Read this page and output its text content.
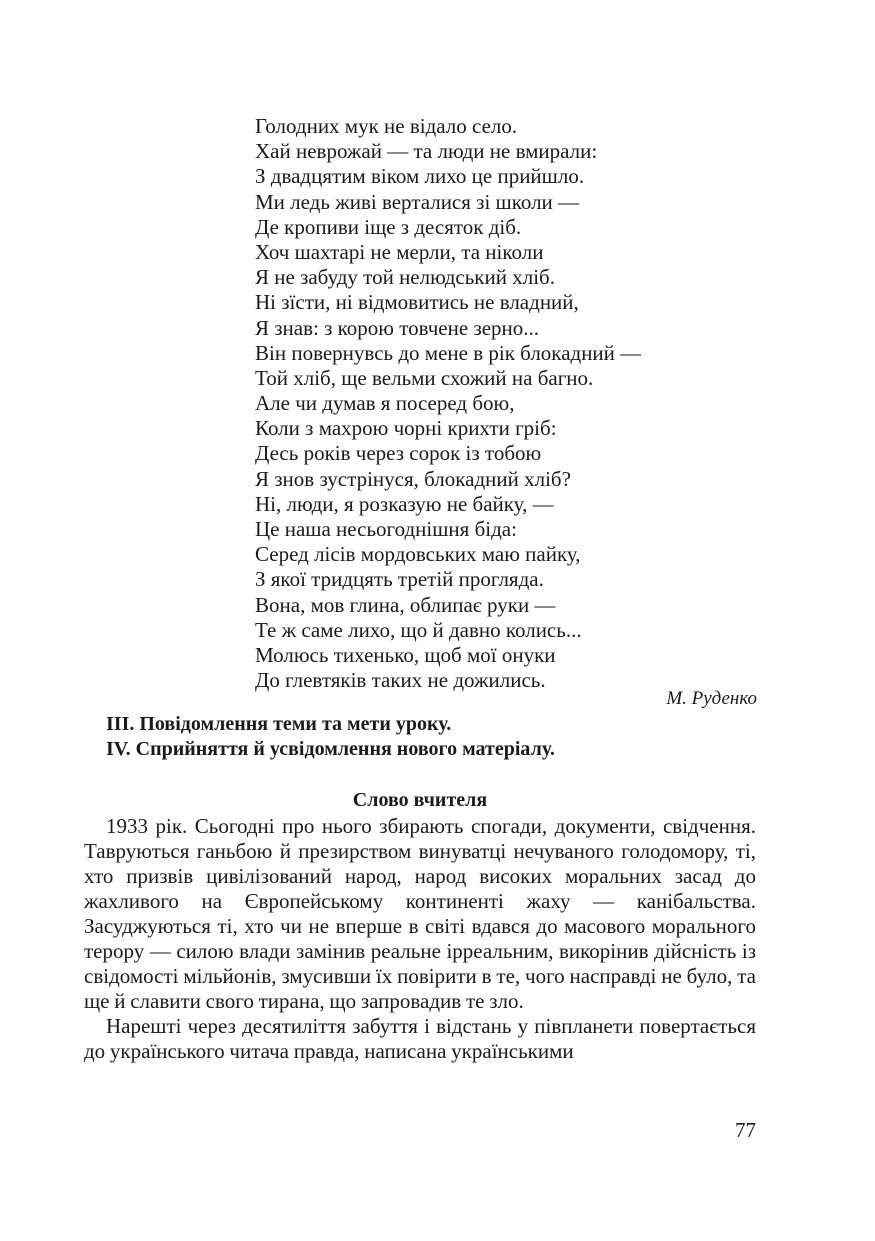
Голодних мук не відало село.
Хай неврожай — та люди не вмирали:
З двадцятим віком лихо це прийшло.
Ми ледь живі верталися зі школи —
Де кропиви іще з десяток діб.
Хоч шахтарі не мерли, та ніколи
Я не забуду той нелюдський хліб.
Ні зїсти, ні відмовитись не владний,
Я знав: з корою товчене зерно...
Він повернувсь до мене в рік блокадний —
Той хліб, ще вельми схожий на багно.
Але чи думав я посеред бою,
Коли з махрою чорні крихти гріб:
Десь років через сорок із тобою
Я знов зустрінуся, блокадний хліб?
Ні, люди, я розказую не байку, —
Це наша несьогоднішня біда:
Серед лісів мордовських маю пайку,
З якої тридцять третій прогляда.
Вона, мов глина, облипає руки —
Те ж саме лихо, що й давно колись...
Молюсь тихенько, щоб мої онуки
До глевтяків таких не дожились.
М. Руденко
III. Повідомлення теми та мети уроку.
IV. Сприйняття й усвідомлення нового матеріалу.
Слово вчителя

1933 рік. Сьогодні про нього збирають спогади, документи, свідчення. Тавруються ганьбою й презирством винуватці нечуваного голодомору, ті, хто призвів цивілізований народ, народ високих моральних засад до жахливого на Європейському континенті жаху — канібальства. Засуджуються ті, хто чи не вперше в світі вдався до масового морального терору — силою влади замінив реальне ірреальним, викорінив дійсність із свідомості мільйонів, змусивши їх повірити в те, чого насправді не було, та ще й славити свого тирана, що запровадив те зло.

Нарешті через десятиліття забуття і відстань у півпланети повертається до українського читача правда, написана українськими

77
